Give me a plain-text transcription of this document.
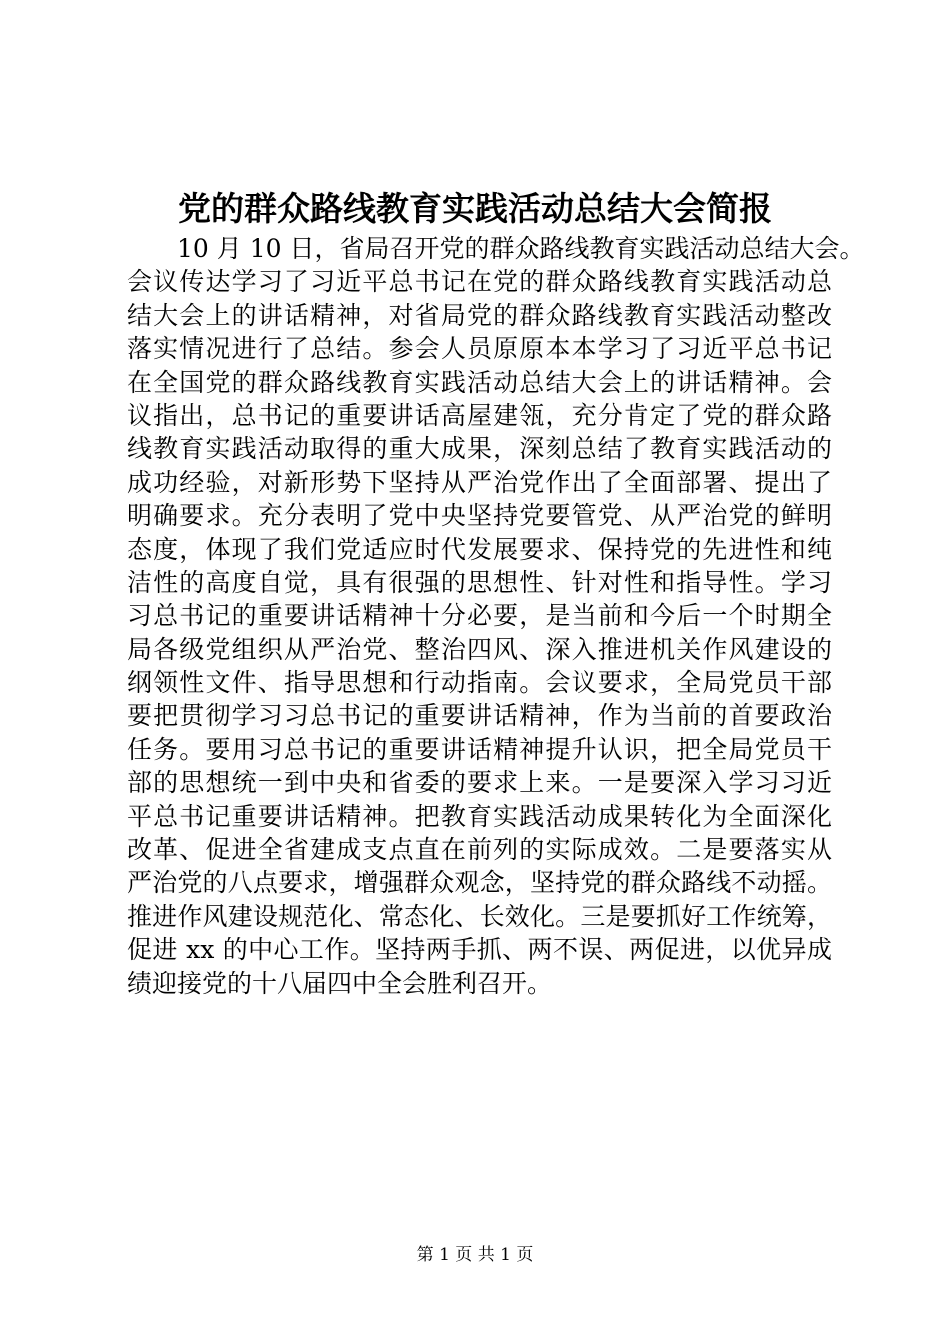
党的群众路线教育实践活动总结大会简报
10 月 10 日，省局召开党的群众路线教育实践活动总结大会。
会议传达学习了习近平总书记在党的群众路线教育实践活动总
结大会上的讲话精神，对省局党的群众路线教育实践活动整改
落实情况进行了总结。参会人员原原本本学习了习近平总书记
在全国党的群众路线教育实践活动总结大会上的讲话精神。会
议指出，总书记的重要讲话高屋建瓴，充分肯定了党的群众路
线教育实践活动取得的重大成果，深刻总结了教育实践活动的
成功经验，对新形势下坚持从严治党作出了全面部署、提出了
明确要求。充分表明了党中央坚持党要管党、从严治党的鲜明
态度，体现了我们党适应时代发展要求、保持党的先进性和纯
洁性的高度自觉，具有很强的思想性、针对性和指导性。学习
习总书记的重要讲话精神十分必要，是当前和今后一个时期全
局各级党组织从严治党、整治四风、深入推进机关作风建设的
纲领性文件、指导思想和行动指南。会议要求，全局党员干部
要把贯彻学习习总书记的重要讲话精神，作为当前的首要政治
任务。要用习总书记的重要讲话精神提升认识，把全局党员干
部的思想统一到中央和省委的要求上来。一是要深入学习习近
平总书记重要讲话精神。把教育实践活动成果转化为全面深化
改革、促进全省建成支点直在前列的实际成效。二是要落实从
严治党的八点要求，增强群众观念，坚持党的群众路线不动摇。
推进作风建设规范化、常态化、长效化。三是要抓好工作统筹，
促进 xx 的中心工作。坚持两手抓、两不误、两促进，以优异成
绩迎接党的十八届四中全会胜利召开。
第 1 页 共 1 页
